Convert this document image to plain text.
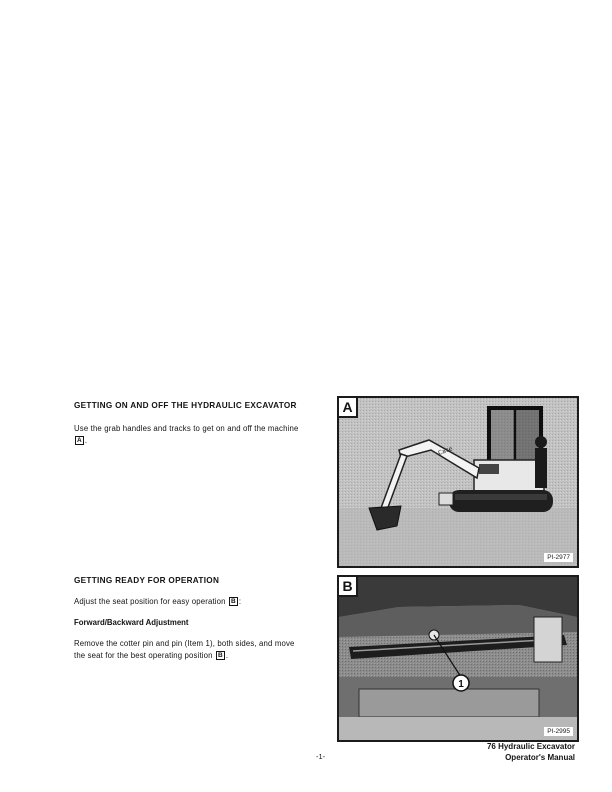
GETTING ON AND OFF THE HYDRAULIC EXCAVATOR
Use the grab handles and tracks to get on and off the machine
A .
GETTING READY FOR OPERATION
Adjust the seat position for easy operation B :
Forward/Backward Adjustment
Remove the cotter pin and pin (Item 1), both sides, and move
the seat for the best operating position B .
Case
A
PI-2977
1
B
PI-2995
-1-
76 Hydraulic Excavator
Operator's Manual
